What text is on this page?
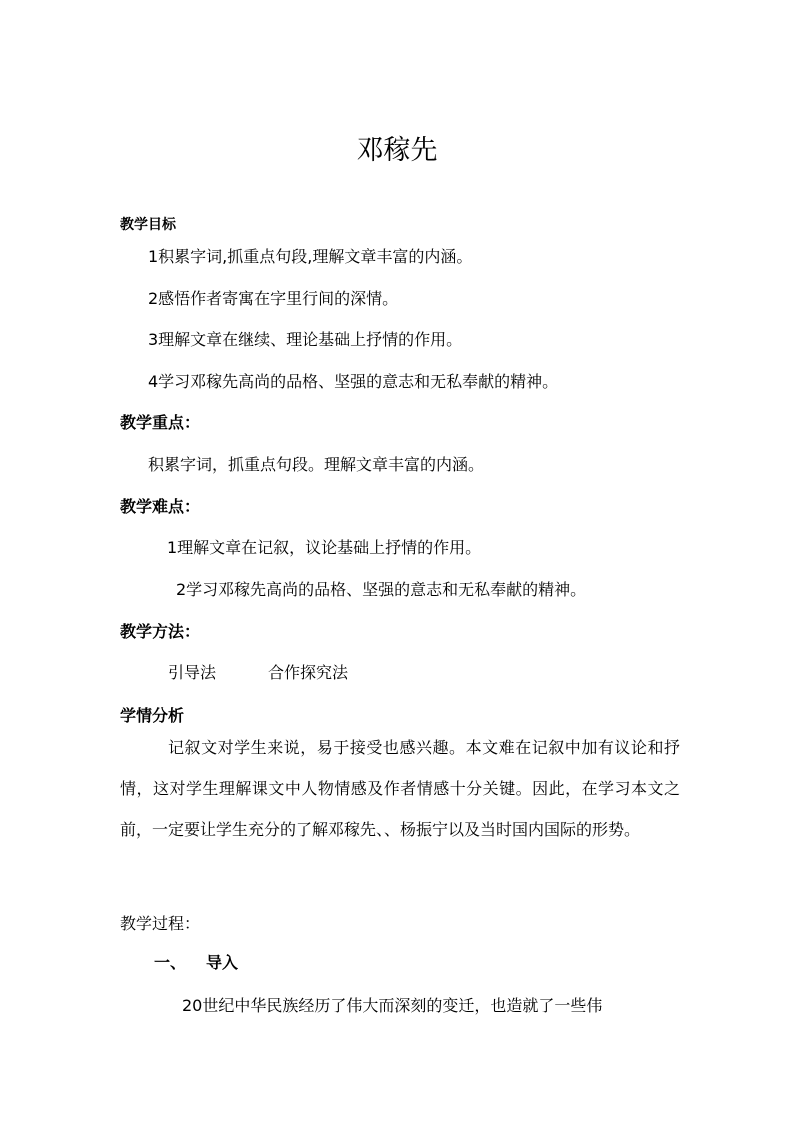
邓稼先
教学目标
1积累字词,抓重点句段,理解文章丰富的内涵。
2感悟作者寄寓在字里行间的深情。
3理解文章在继续、理论基础上抒情的作用。
4学习邓稼先高尚的品格、坚强的意志和无私奉献的精神。
教学重点：
积累字词，抓重点句段。理解文章丰富的内涵。
教学难点：
1理解文章在记叙，议论基础上抒情的作用。
2学习邓稼先高尚的品格、坚强的意志和无私奉献的精神。
教学方法：
引导法	合作探究法
学情分析
记叙文对学生来说，易于接受也感兴趣。本文难在记叙中加有议论和抒情，这对学生理解课文中人物情感及作者情感十分关键。因此，在学习本文之前，一定要让学生充分的了解邓稼先、、杨振宁以及当时国内国际的形势。
教学过程：
一、 导入
20世纪中华民族经历了伟大而深刻的变迁，也造就了一些伟
